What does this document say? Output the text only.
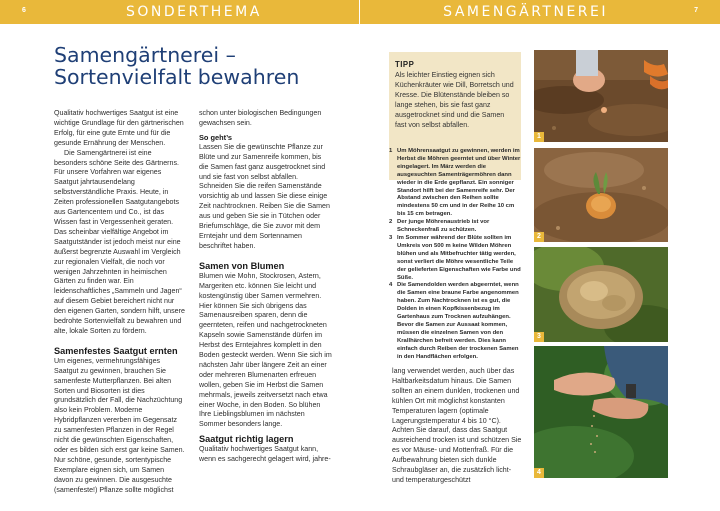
6	SONDERTHEMA	SAMENGÄRTNEREI	7
Samengärtnerei –
Sortenvielfalt bewahren

Qualitativ hochwertiges Saatgut ist eine wichtige Grundlage für den gärtnerischen Erfolg, für eine gute Ernte und für die gesunde Ernährung der Menschen.

Die Samengärtnerei ist eine besonders schöne Seite des Gärtnerns. Für unsere Vorfahren war eigenes Saatgut jahrtausendelang selbstverständliche Praxis. Heute, in Zeiten professionellen Saatgutangebots aus Gartencentern und Co., ist das Wissen fast in Vergessenheit geraten. Das scheinbar vielfältige Angebot im Saatgutständer ist jedoch meist nur eine äußerst begrenzte Auswahl im Vergleich zur regionalen Vielfalt, die noch vor wenigen Jahrzehnten in heimischen Gärten zu finden war. Ein leidenschaftliches „Sammeln und Jagen“ auf diesem Gebiet bereichert nicht nur den eigenen Garten, sondern hilft, unsere bedrohte Sortenvielfalt zu bewahren und alte, lokale Sorten zu fördern.

Samenfestes Saatgut ernten

Um eigenes, vermehrungsfähiges Saatgut zu gewinnen, brauchen Sie samenfeste Mutterpflanzen. Bei alten Sorten und Biosorten ist dies grundsätzlich der Fall, die Nachzüchtung also kein Problem. Moderne Hybridpflanzen vererben im Gegensatz zu samenfesten Pflanzen in der Regel nicht die gewünschten Eigenschaften, oder es bilden sich erst gar keine Samen. Nur schöne, gesunde, sortentypische Exemplare eignen sich, um Samen davon zu gewinnen. Die ausgesuchte (samenfeste!) Pflanze sollte möglichst

schon unter biologischen Bedingungen gewachsen sein.

So geht’s

Lassen Sie die gewünschte Pflanze zur Blüte und zur Samenreife kommen, bis die Samen fast ganz ausgetrocknet sind und sie fast von selbst abfallen. Schneiden Sie die reifen Samenstände vorsichtig ab und lassen Sie diese einige Zeit nachtrocknen. Reiben Sie die Samen aus und geben Sie sie in Tütchen oder Briefumschläge, die Sie zuvor mit dem Erntejahr und dem Sortennamen beschriftet haben.

Samen von Blumen

Blumen wie Mohn, Stockrosen, Astern, Margeriten etc. können Sie leicht und kostengünstig über Samen vermehren. Hier können Sie sich übrigens das Samenausreiben sparen, denn die geernteten, reifen und nachgetrockneten Kapseln sowie Samenstände dürfen im Herbst des Erntejahres komplett in den Boden gesteckt werden. Wenn Sie sich im nächsten Jahr über längere Zeit an einer oder mehreren Blumenarten erfreuen wollen, geben Sie im Herbst die Samen mehrmals, jeweils zeitversetzt nach etwa einer Woche, in den Boden. So blühen Ihre Lieblingsblumen im nächsten Sommer besonders lange.

Saatgut richtig lagern

Qualitativ hochwertiges Saatgut kann, wenn es sachgerecht gelagert wird, jahre-

TIPP
Als leichter Einstieg eignen sich Küchenkräuter wie Dill, Borretsch und Kresse. Die Blütenstände bleiben so lange stehen, bis sie fast ganz ausgetrocknet sind und die Samen fast von selbst abfallen.
1 Um Möhrensaatgut zu gewinnen, werden im Herbst die Möhren geerntet und über Winter eingelagert. Im März werden die ausgesuchten Samenträgermöhren dann wieder in die Erde gepflanzt. Ein sonniger Standort hilft bei der Samenreife sehr. Der Abstand zwischen den Reihen sollte mindestens 50 cm und in der Reihe 10 cm bis 15 cm betragen.
2 Der junge Möhrenaustrieb ist vor Schneckenfraß zu schützen.
3 Im Sommer während der Blüte sollten im Umkreis von 500 m keine Wilden Möhren blühen und als Mitbefruchter tätig werden, sonst verliert die Möhre wesentliche Teile der gelieferten Eigenschaften wie Farbe und Süße.
4 Die Samendolden werden abgeerntet, wenn die Samen eine braune Farbe angenommen haben. Zum Nachtrocknen ist es gut, die Dolden in einen Kopfkissenbezug im Gartenhaus zum Trocknen aufzuhängen. Bevor die Samen zur Aussaat kommen, müssen die einzelnen Samen von den Krallhärchen befreit werden. Dies kann einfach durch Reiben der trockenen Samen in den Handflächen erfolgen.

lang verwendet werden, auch über das Haltbarkeitsdatum hinaus. Die Samen sollten an einem dunklen, trockenen und kühlen Ort mit möglichst konstanten Temperaturen lagern (optimale Lagerungstemperatur 4 bis 10 °C). Achten Sie darauf, dass das Saatgut ausreichend trocken ist und schützen Sie es vor Mäuse- und Mottenfraß. Für die Aufbewahrung bieten sich dunkle Schraubgläser an, die zusätzlich licht- und temperaturgeschützt

1
2
3
4
